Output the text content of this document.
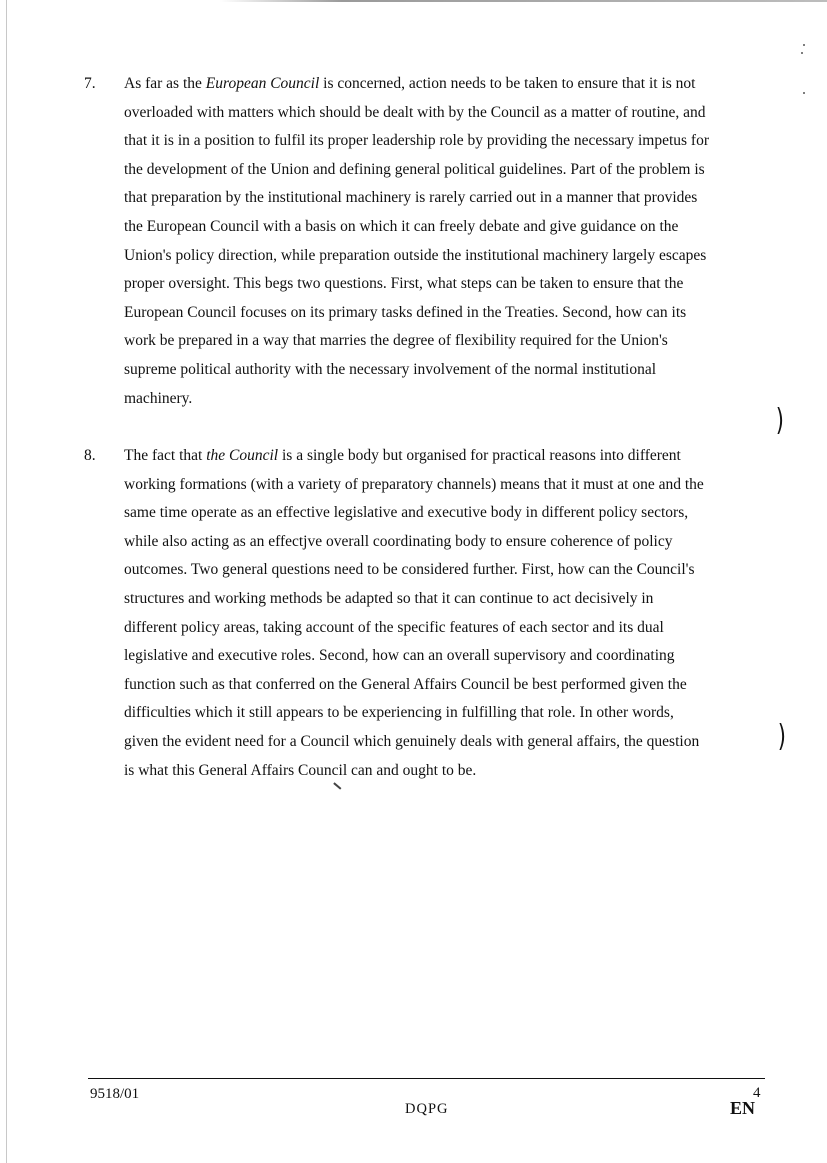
7. As far as the European Council is concerned, action needs to be taken to ensure that it is not
overloaded with matters which should be dealt with by the Council as a matter of routine, and
that it is in a position to fulfil its proper leadership role by providing the necessary impetus for
the development of the Union and defining general political guidelines. Part of the problem is
that preparation by the institutional machinery is rarely carried out in a manner that provides
the European Council with a basis on which it can freely debate and give guidance on the
Union's policy direction, while preparation outside the institutional machinery largely escapes
proper oversight. This begs two questions. First, what steps can be taken to ensure that the
European Council focuses on its primary tasks defined in the Treaties. Second, how can its
work be prepared in a way that marries the degree of flexibility required for the Union's
supreme political authority with the necessary involvement of the normal institutional
machinery.
8. The fact that the Council is a single body but organised for practical reasons into different
working formations (with a variety of preparatory channels) means that it must at one and the
same time operate as an effective legislative and executive body in different policy sectors,
while also acting as an effectjve overall coordinating body to ensure coherence of policy
outcomes. Two general questions need to be considered further. First, how can the Council's
structures and working methods be adapted so that it can continue to act decisively in
different policy areas, taking account of the specific features of each sector and its dual
legislative and executive roles. Second, how can an overall supervisory and coordinating
function such as that conferred on the General Affairs Council be best performed given the
difficulties which it still appears to be experiencing in fulfilling that role. In other words,
given the evident need for a Council which genuinely deals with general affairs, the question
is what this General Affairs Council can and ought to be.
)
)
9518/01
DQPG
4
EN
